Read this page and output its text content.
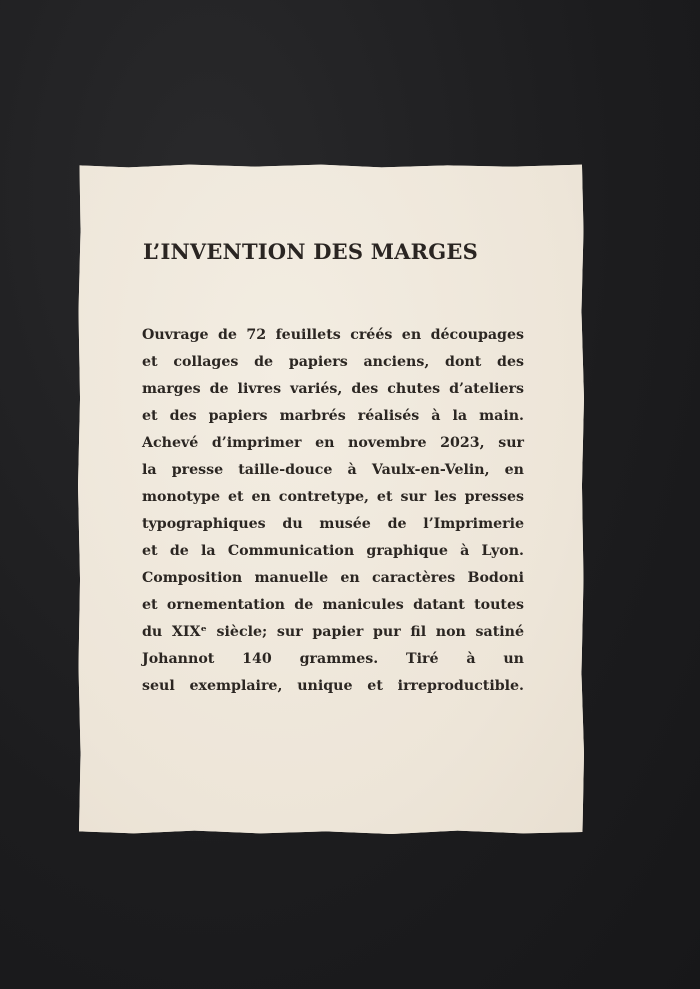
L’INVENTION DES MARGES
Ouvrage de 72 feuillets créés en découpages
et collages de papiers anciens, dont des
marges de livres variés, des chutes d’ateliers
et des papiers marbrés réalisés à la main.
Achevé d’imprimer en novembre 2023, sur
la presse taille-douce à Vaulx-en-Velin, en
monotype et en contretype, et sur les presses
typographiques du musée de l’Imprimerie
et de la Communication graphique à Lyon.
Composition manuelle en caractères Bodoni
et ornementation de manicules datant toutes
du XIXᵉ siècle; sur papier pur fil non satiné
Johannot 140 grammes. Tiré à un
seul exemplaire, unique et irreproductible.
